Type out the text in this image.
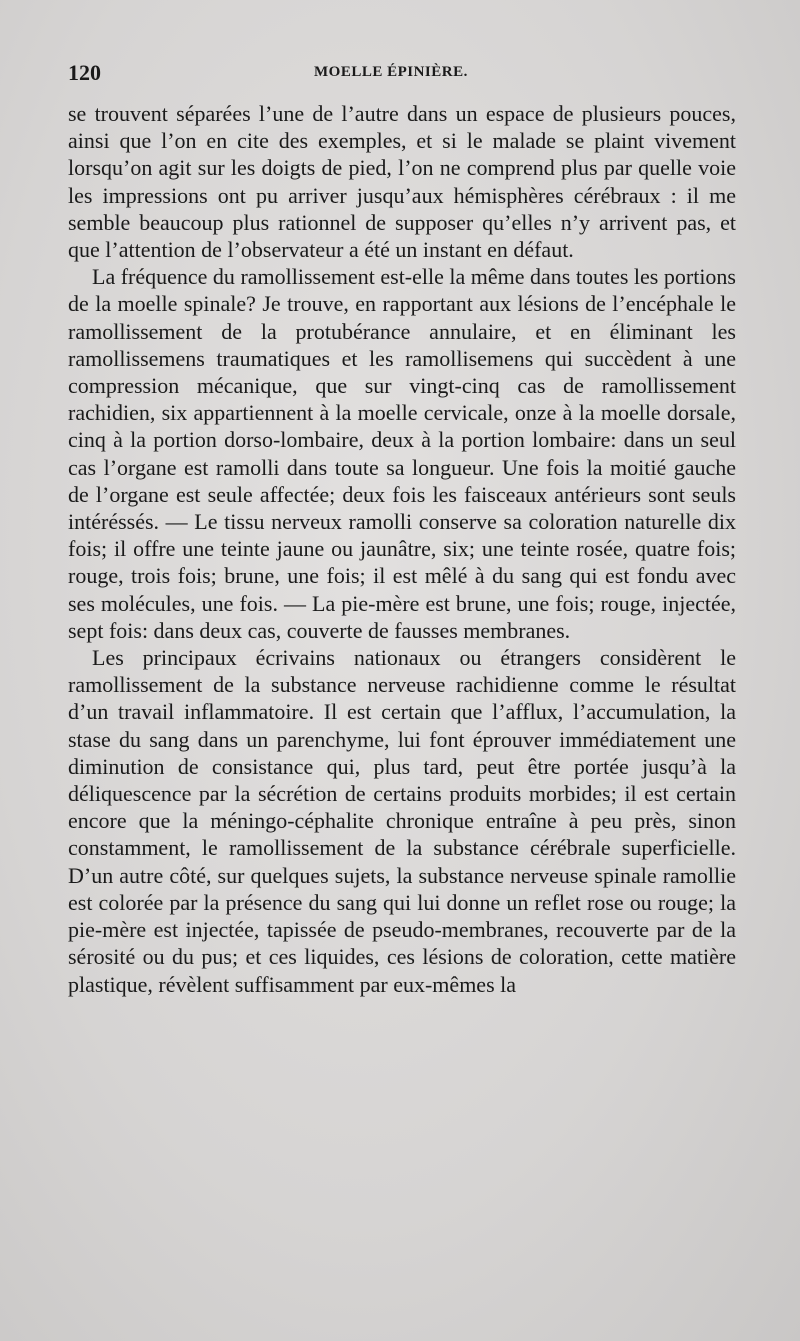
120	MOELLE ÉPINIÈRE.

se trouvent séparées l’une de l’autre dans un espace de plusieurs pouces, ainsi que l’on en cite des exemples, et si le malade se plaint vivement lorsqu’on agit sur les doigts de pied, l’on ne comprend plus par quelle voie les impressions ont pu arriver jusqu’aux hémisphères cérébraux : il me semble beaucoup plus rationnel de supposer qu’elles n’y arrivent pas, et que l’attention de l’observateur a été un instant en défaut.

La fréquence du ramollissement est-elle la même dans toutes les portions de la moelle spinale? Je trouve, en rapportant aux lésions de l’encéphale le ramollissement de la protubérance annulaire, et en éliminant les ramollissemens traumatiques et les ramollisemens qui succèdent à une compression mécanique, que sur vingt-cinq cas de ramollissement rachidien, six appartiennent à la moelle cervicale, onze à la moelle dorsale, cinq à la portion dorso-lombaire, deux à la portion lombaire: dans un seul cas l’organe est ramolli dans toute sa longueur. Une fois la moitié gauche de l’organe est seule affectée; deux fois les faisceaux antérieurs sont seuls intéréssés. — Le tissu nerveux ramolli conserve sa coloration naturelle dix fois; il offre une teinte jaune ou jaunâtre, six; une teinte rosée, quatre fois; rouge, trois fois; brune, une fois; il est mêlé à du sang qui est fondu avec ses molécules, une fois. — La pie-mère est brune, une fois; rouge, injectée, sept fois: dans deux cas, couverte de fausses membranes.

Les principaux écrivains nationaux ou étrangers considèrent le ramollissement de la substance nerveuse rachidienne comme le résultat d’un travail inflammatoire. Il est certain que l’afflux, l’accumulation, la stase du sang dans un parenchyme, lui font éprouver immédiatement une diminution de consistance qui, plus tard, peut être portée jusqu’à la déliquescence par la sécrétion de certains produits morbides; il est certain encore que la méningo-céphalite chronique entraîne à peu près, sinon constamment, le ramollissement de la substance cérébrale superficielle. D’un autre côté, sur quelques sujets, la substance nerveuse spinale ramollie est colorée par la présence du sang qui lui donne un reflet rose ou rouge; la pie-mère est injectée, tapissée de pseudo-membranes, recouverte par de la sérosité ou du pus; et ces liquides, ces lésions de coloration, cette matière plastique, révèlent suffisamment par eux-mêmes la
